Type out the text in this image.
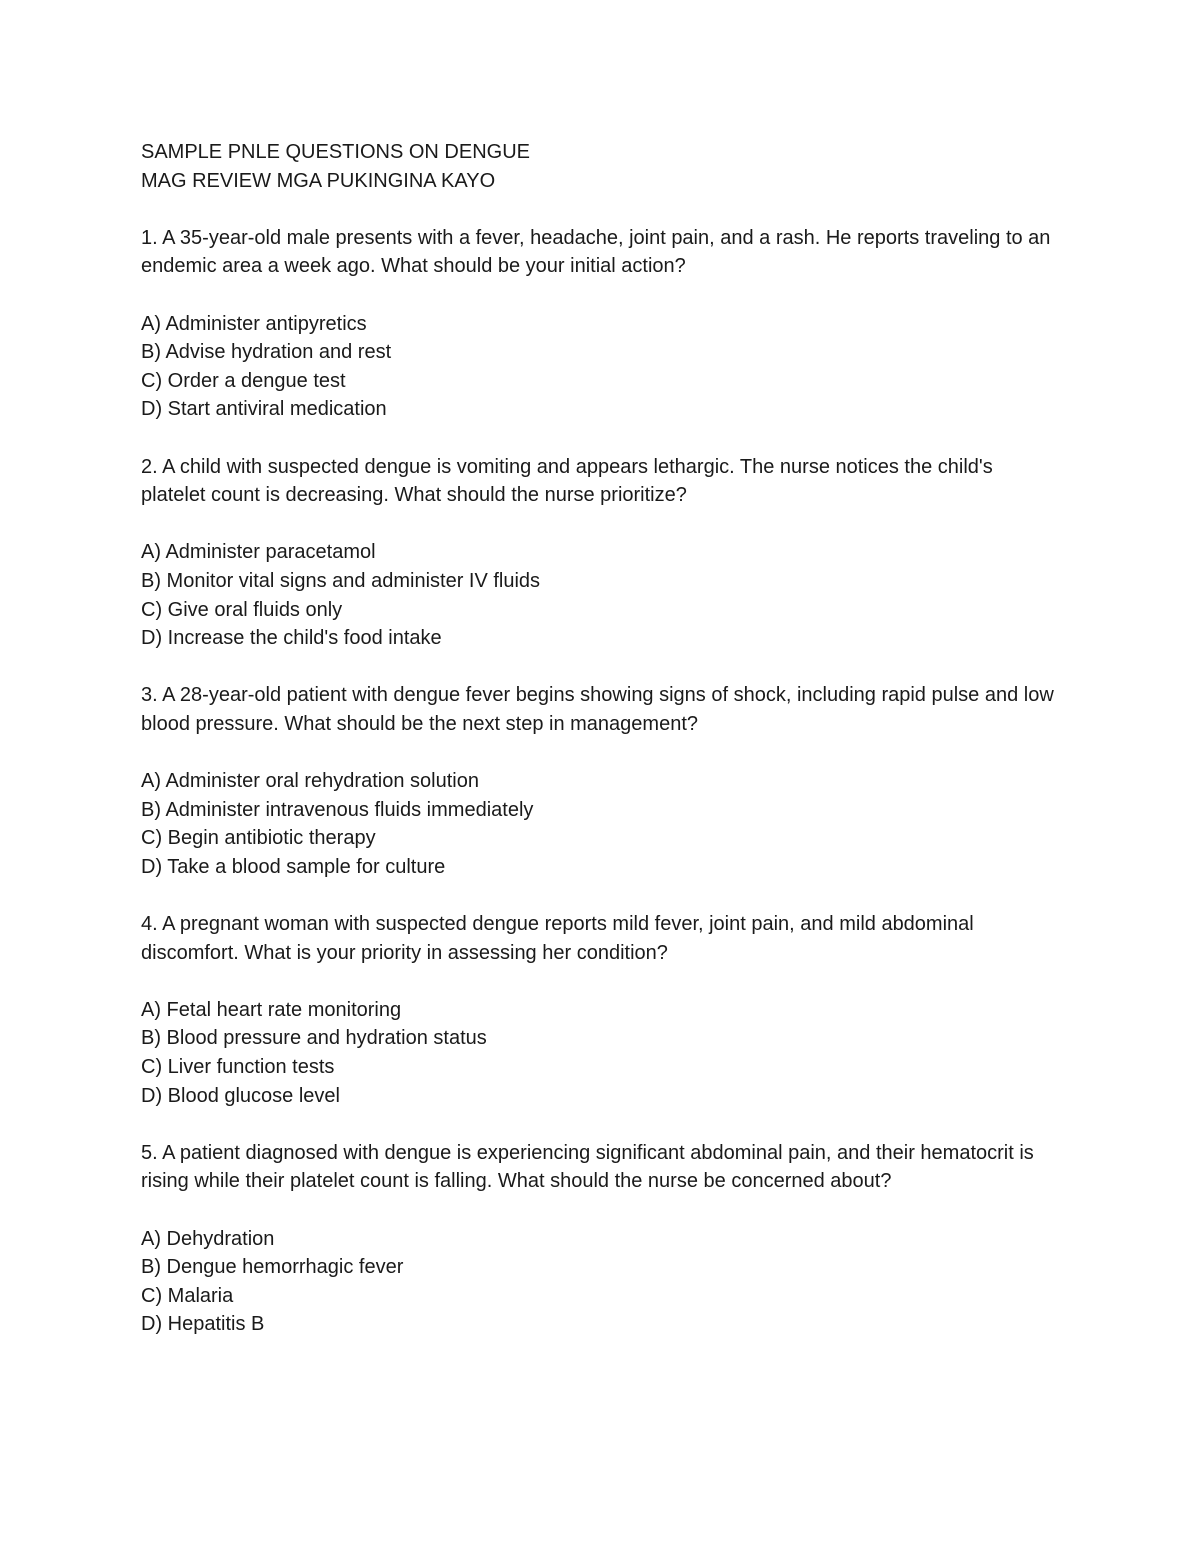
SAMPLE PNLE QUESTIONS ON DENGUE
MAG REVIEW MGA PUKINGINA KAYO
1. A 35-year-old male presents with a fever, headache, joint pain, and a rash. He reports traveling to an endemic area a week ago. What should be your initial action?
A) Administer antipyretics
B) Advise hydration and rest
C) Order a dengue test
D) Start antiviral medication
2. A child with suspected dengue is vomiting and appears lethargic. The nurse notices the child's platelet count is decreasing. What should the nurse prioritize?
A) Administer paracetamol
B) Monitor vital signs and administer IV fluids
C) Give oral fluids only
D) Increase the child's food intake
3. A 28-year-old patient with dengue fever begins showing signs of shock, including rapid pulse and low blood pressure. What should be the next step in management?
A) Administer oral rehydration solution
B) Administer intravenous fluids immediately
C) Begin antibiotic therapy
D) Take a blood sample for culture
4. A pregnant woman with suspected dengue reports mild fever, joint pain, and mild abdominal discomfort. What is your priority in assessing her condition?
A) Fetal heart rate monitoring
B) Blood pressure and hydration status
C) Liver function tests
D) Blood glucose level
5. A patient diagnosed with dengue is experiencing significant abdominal pain, and their hematocrit is rising while their platelet count is falling. What should the nurse be concerned about?
A) Dehydration
B) Dengue hemorrhagic fever
C) Malaria
D) Hepatitis B
